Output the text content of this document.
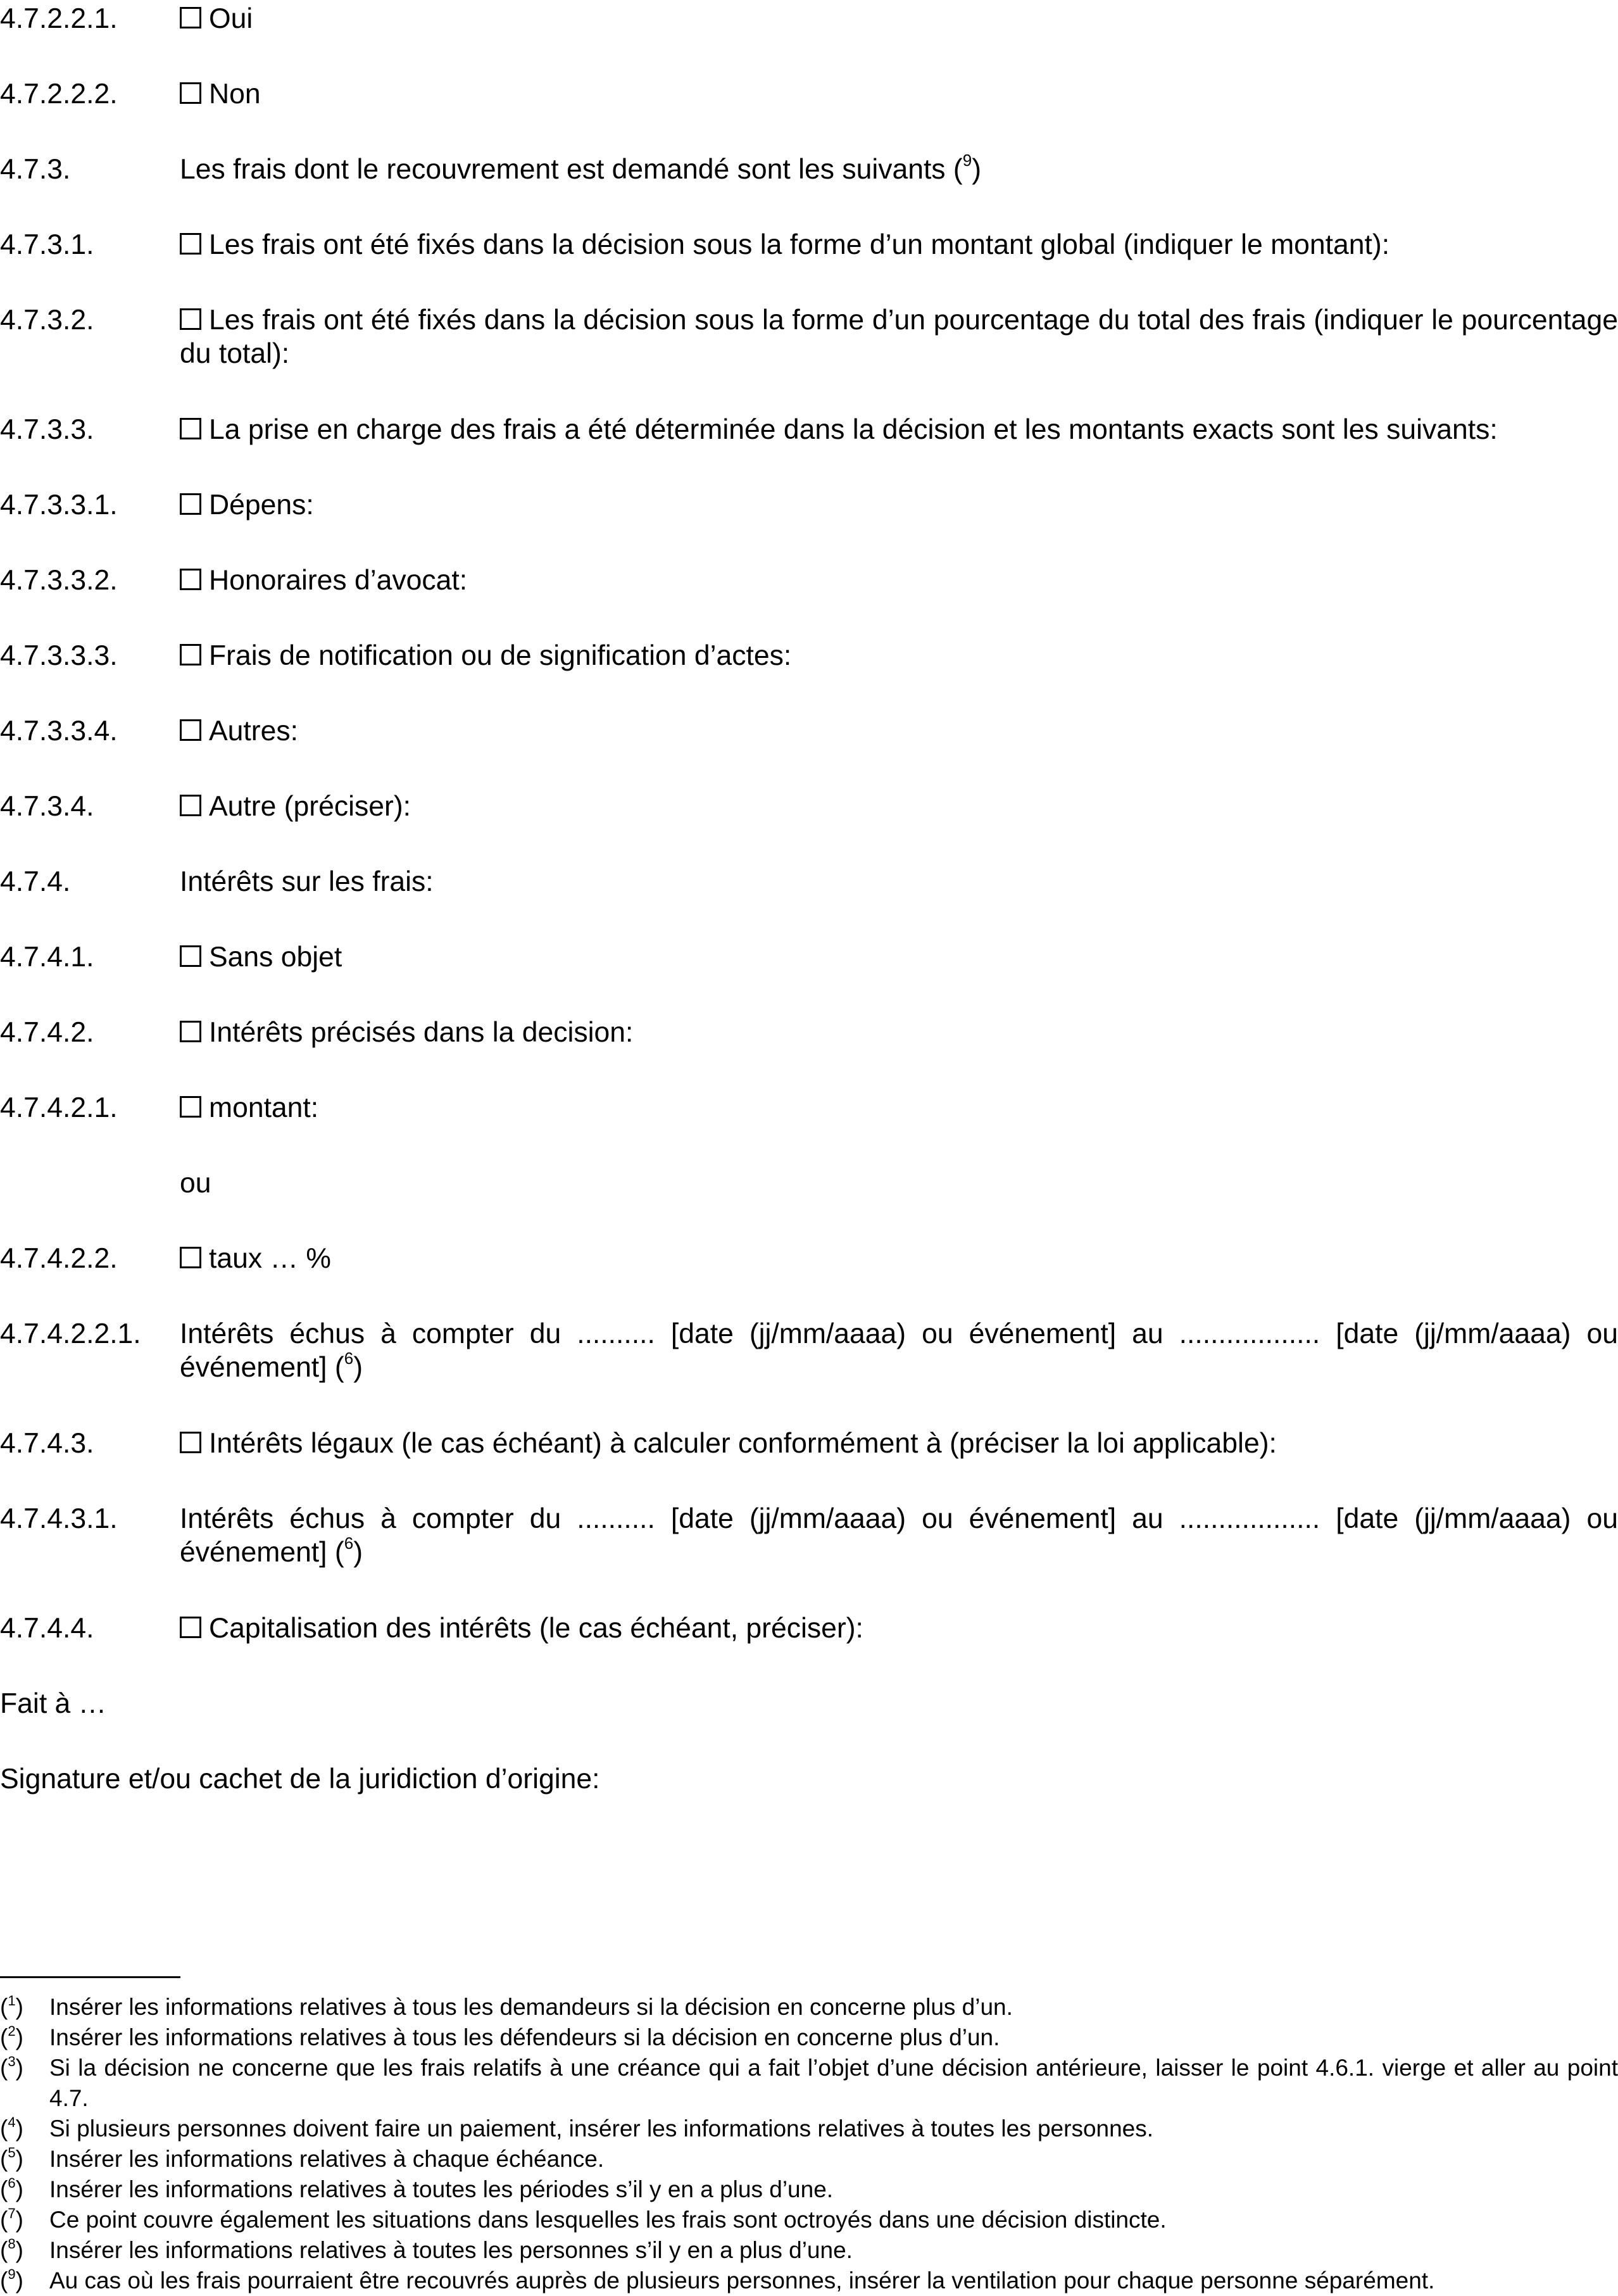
4.7.2.2.1.	Oui
4.7.2.2.2.	Non
4.7.3.	Les frais dont le recouvrement est demandé sont les suivants ($^9$)
4.7.3.1.	Les frais ont été fixés dans la décision sous la forme d’un montant global (indiquer le montant):
4.7.3.2.	Les frais ont été fixés dans la décision sous la forme d’un pourcentage du total des frais (indiquer le pourcentage du total):
4.7.3.3.	La prise en charge des frais a été déterminée dans la décision et les montants exacts sont les suivants:
4.7.3.3.1.	Dépens:
4.7.3.3.2.	Honoraires d’avocat:
4.7.3.3.3.	Frais de notification ou de signification d’actes:
4.7.3.3.4.	Autres:
4.7.3.4.	Autre (préciser):
4.7.4.	Intérêts sur les frais:
4.7.4.1.	Sans objet
4.7.4.2.	Intérêts précisés dans la decision:
4.7.4.2.1.	montant:
ou
4.7.4.2.2.	taux … %
4.7.4.2.2.1. Intérêts échus à compter du .......... [date (jj/mm/aaaa) ou événement] au .................. [date (jj/mm/aaaa) ou événement] ($^6$)
4.7.4.3.	Intérêts légaux (le cas échéant) à calculer conformément à (préciser la loi applicable):
4.7.4.3.1. Intérêts échus à compter du .......... [date (jj/mm/aaaa) ou événement] au .................. [date (jj/mm/aaaa) ou événement] ($^6$)
4.7.4.4.	Capitalisation des intérêts (le cas échéant, préciser):
Fait à …
Signature et/ou cachet de la juridiction d’origine:
($^1$) Insérer les informations relatives à tous les demandeurs si la décision en concerne plus d’un.
($^2$) Insérer les informations relatives à tous les défendeurs si la décision en concerne plus d’un.
($^3$) Si la décision ne concerne que les frais relatifs à une créance qui a fait l’objet d’une décision antérieure, laisser le point 4.6.1. vierge et aller au point 4.7.
($^4$) Si plusieurs personnes doivent faire un paiement, insérer les informations relatives à toutes les personnes.
($^5$) Insérer les informations relatives à chaque échéance.
($^6$) Insérer les informations relatives à toutes les périodes s’il y en a plus d’une.
($^7$) Ce point couvre également les situations dans lesquelles les frais sont octroyés dans une décision distincte.
($^8$) Insérer les informations relatives à toutes les personnes s’il y en a plus d’une.
($^9$) Au cas où les frais pourraient être recouvrés auprès de plusieurs personnes, insérer la ventilation pour chaque personne séparément.
